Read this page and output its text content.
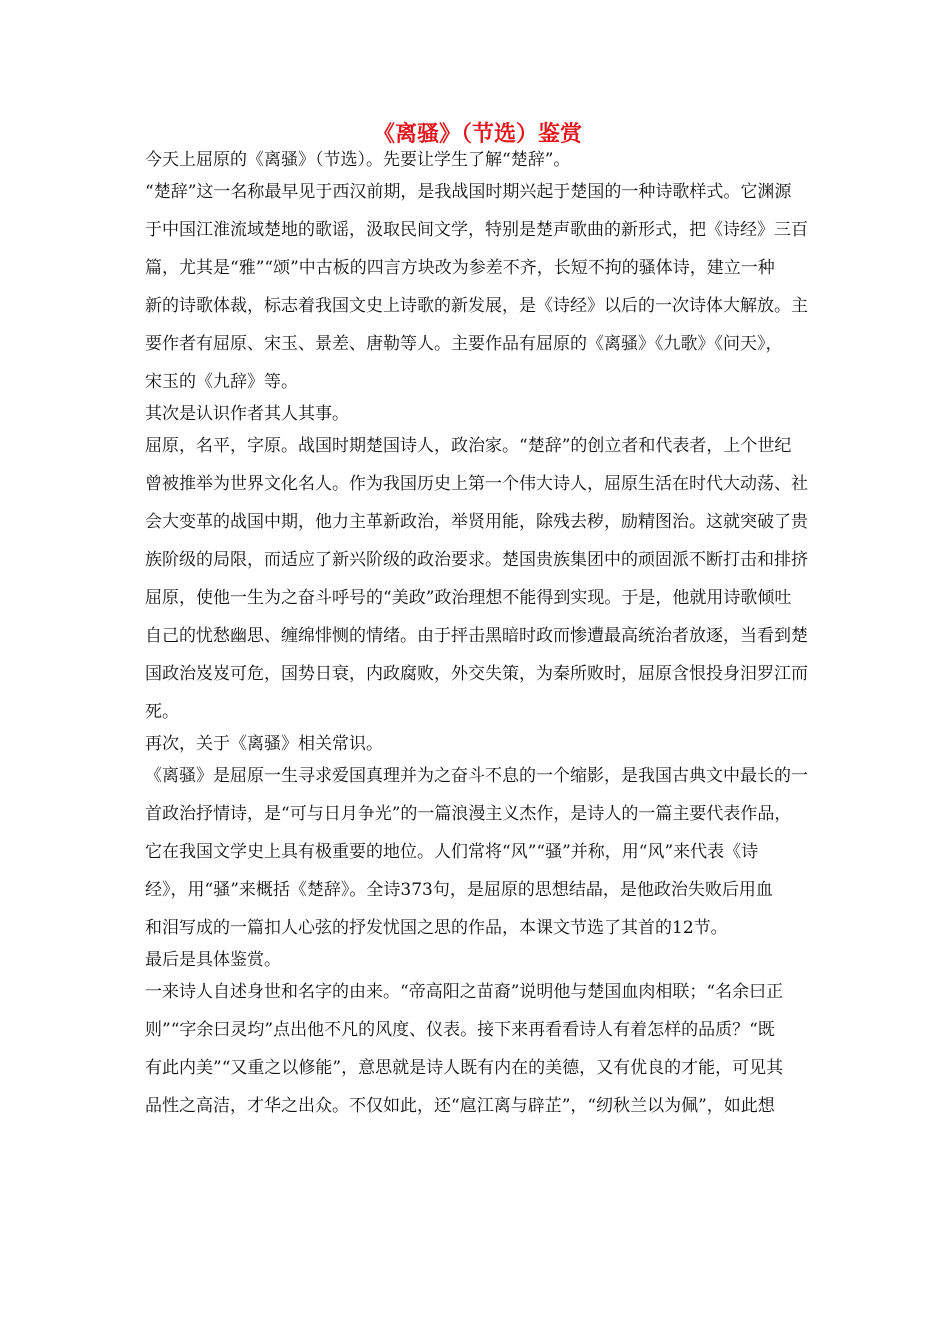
《离骚》（节选）鉴赏

今天上屈原的《离骚》（节选）。先要让学生了解“楚辞”。

“楚辞”这一名称最早见于西汉前期，是我战国时期兴起于楚国的一种诗歌样式。它渊源

于中国江淮流域楚地的歌谣，汲取民间文学，特别是楚声歌曲的新形式，把《诗经》三百

篇，尤其是“雅”“颂”中古板的四言方块改为参差不齐，长短不拘的骚体诗，建立一种

新的诗歌体裁，标志着我国文史上诗歌的新发展，是《诗经》以后的一次诗体大解放。主

要作者有屈原、宋玉、景差、唐勒等人。主要作品有屈原的《离骚》《九歌》《问天》，

宋玉的《九辞》等。

其次是认识作者其人其事。

屈原，名平，字原。战国时期楚国诗人，政治家。“楚辞”的创立者和代表者，上个世纪

曾被推举为世界文化名人。作为我国历史上第一个伟大诗人，屈原生活在时代大动荡、社

会大变革的战国中期，他力主革新政治，举贤用能，除残去秽，励精图治。这就突破了贵

族阶级的局限，而适应了新兴阶级的政治要求。楚国贵族集团中的顽固派不断打击和排挤

屈原，使他一生为之奋斗呼号的“美政”政治理想不能得到实现。于是，他就用诗歌倾吐

自己的忧愁幽思、缠绵悱恻的情绪。由于抨击黑暗时政而惨遭最高统治者放逐，当看到楚

国政治岌岌可危，国势日衰，内政腐败，外交失策，为秦所败时，屈原含恨投身汨罗江而

死。

再次，关于《离骚》相关常识。

《离骚》是屈原一生寻求爱国真理并为之奋斗不息的一个缩影，是我国古典文中最长的一

首政治抒情诗，是“可与日月争光”的一篇浪漫主义杰作，是诗人的一篇主要代表作品，

它在我国文学史上具有极重要的地位。人们常将“风”“骚”并称，用“风”来代表《诗

经》，用“骚”来概括《楚辞》。全诗373句，是屈原的思想结晶，是他政治失败后用血

和泪写成的一篇扣人心弦的抒发忧国之思的作品，本课文节选了其首的12节。

最后是具体鉴赏。

一来诗人自述身世和名字的由来。“帝高阳之苗裔”说明他与楚国血肉相联；“名余曰正

则”“字余曰灵均”点出他不凡的风度、仪表。接下来再看看诗人有着怎样的品质？“既

有此内美”“又重之以修能”，意思就是诗人既有内在的美德，又有优良的才能，可见其

品性之高洁，才华之出众。不仅如此，还“扈江离与辟芷”，“纫秋兰以为佩”，如此想
